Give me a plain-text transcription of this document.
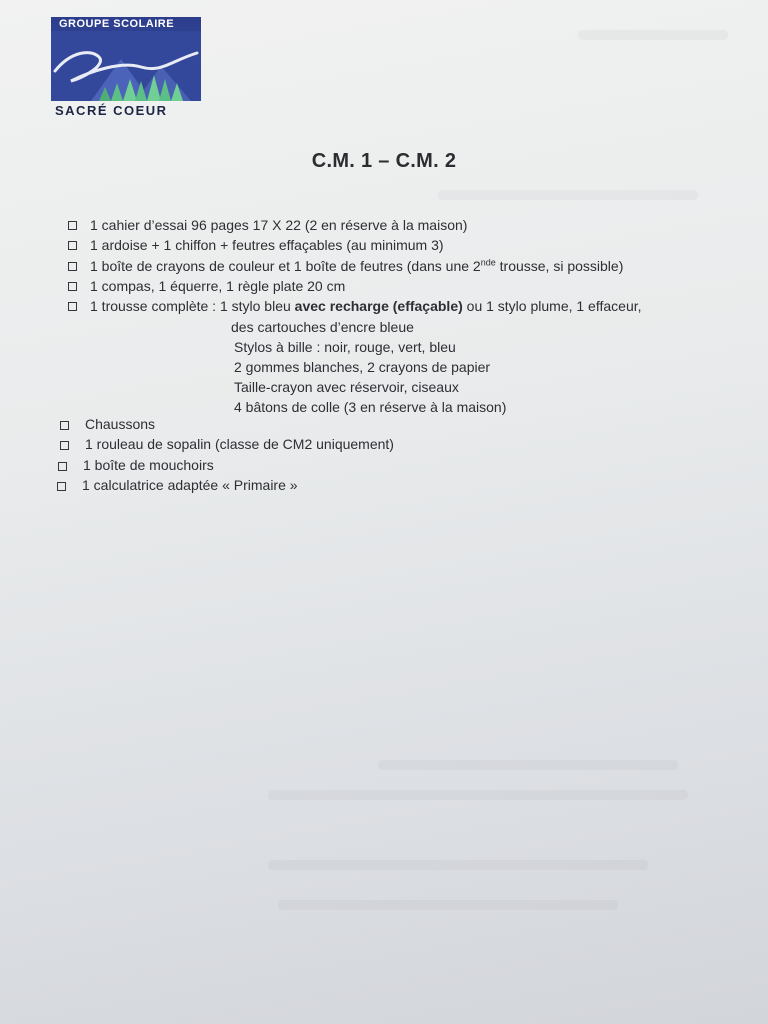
GROUPE SCOLAIRE
SACRÉ COEUR
C.M. 1 – C.M. 2
1 cahier d’essai 96 pages 17 X 22 (2 en réserve à la maison)
1 ardoise + 1 chiffon + feutres effaçables (au minimum 3)
1 boîte de crayons de couleur et 1 boîte de feutres (dans une 2nde trousse, si possible)
1 compas, 1 équerre, 1 règle plate 20 cm
1 trousse complète : 1 stylo bleu avec recharge (effaçable) ou 1 stylo plume, 1 effaceur,
des cartouches d’encre bleue
Stylos à bille : noir, rouge, vert, bleu
2 gommes blanches, 2 crayons de papier
Taille-crayon avec réservoir, ciseaux
4 bâtons de colle (3 en réserve à la maison)
Chaussons
1 rouleau de sopalin (classe de CM2 uniquement)
1 boîte de mouchoirs
1 calculatrice adaptée « Primaire »
